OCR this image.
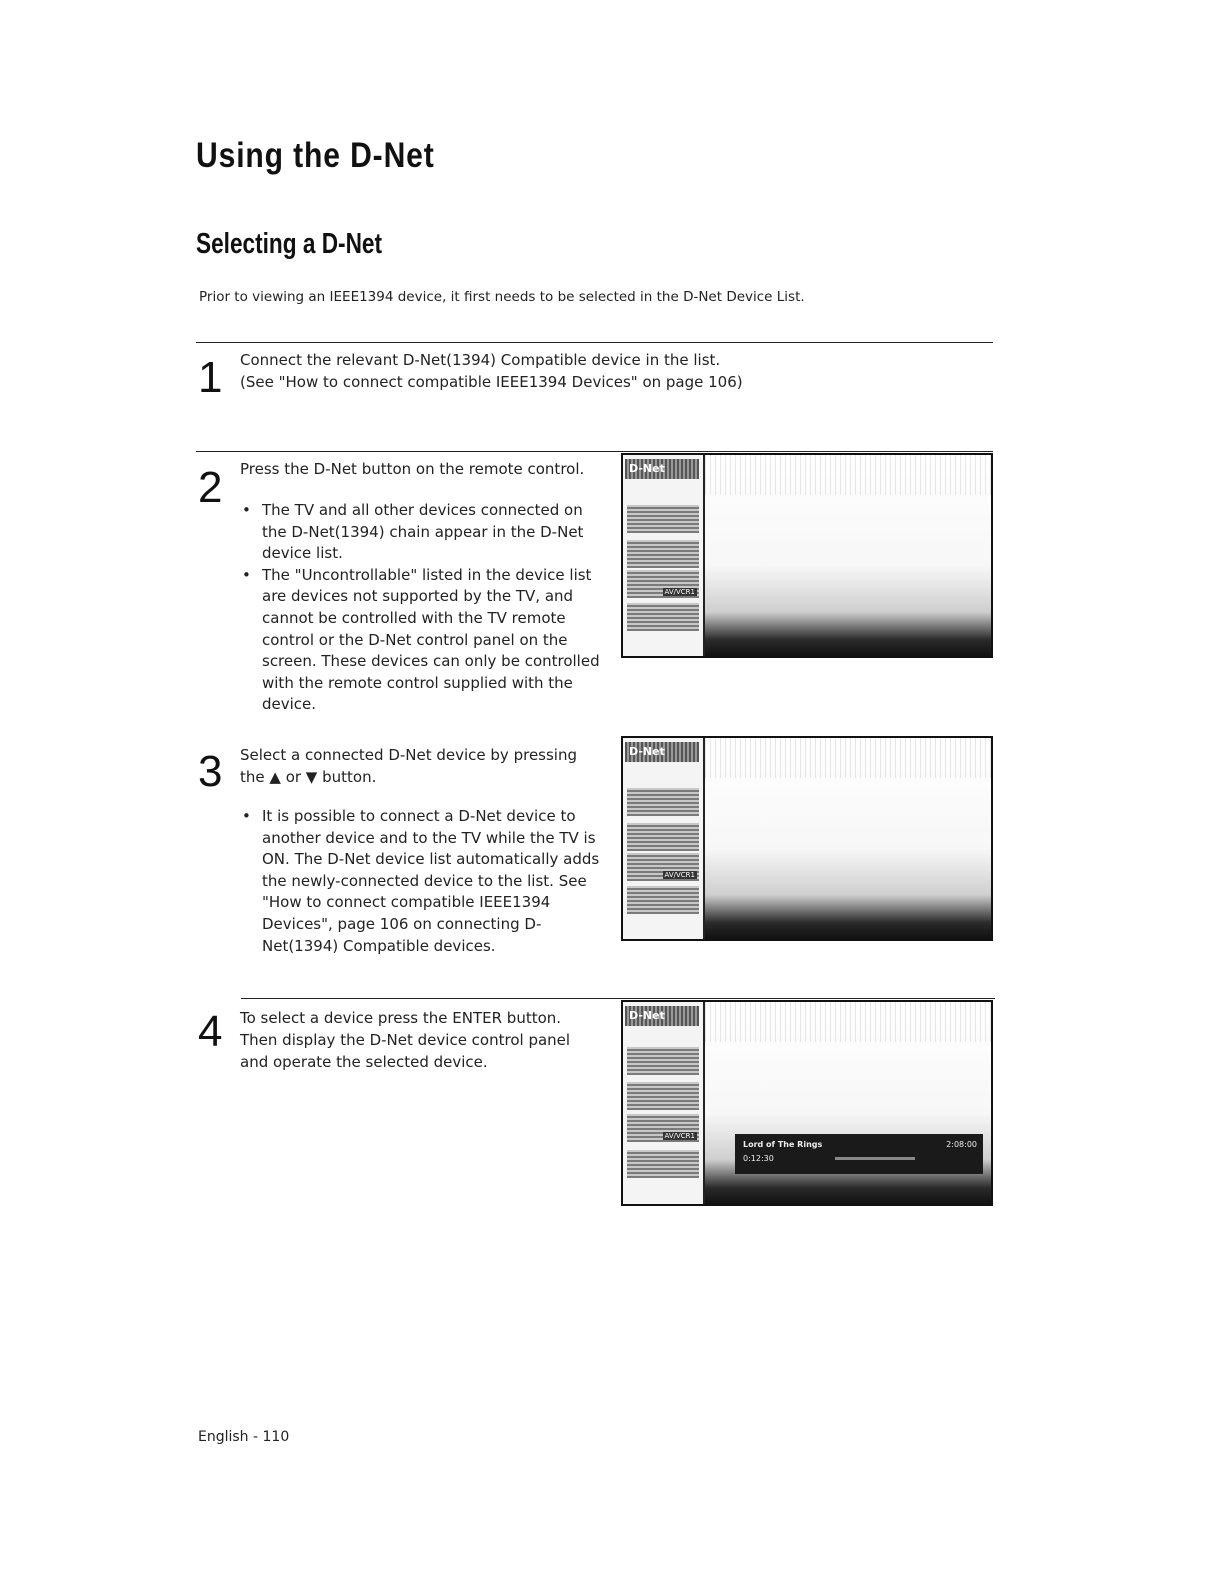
Using the D-Net
Selecting a D-Net

Prior to viewing an IEEE1394 device, it first needs to be selected in the D-Net Device List.

1 Connect the relevant D-Net(1394) Compatible device in the list.

(See "How to connect compatible IEEE1394 Devices" on page 106)

2 Press the D-Net button on the remote control.

• The TV and all other devices connected on the D-Net(1394) chain appear in the D-Net device list.
• The "Uncontrollable" listed in the device list are devices not supported by the TV, and cannot be controlled with the TV remote control or the D-Net control panel on the screen. These devices can only be controlled with the remote control supplied with the device.
D-Net
AV/VCR1
3 Select a connected D-Net device by pressing

the ▲ or ▼ button.

• It is possible to connect a D-Net device to another device and to the TV while the TV is ON. The D-Net device list automatically adds the newly-connected device to the list. See "How to connect compatible IEEE1394 Devices", page 106 on connecting D-Net(1394) Compatible devices.
D-Net
AV/VCR1
4 To select a device press the ENTER button.

Then display the D-Net device control panel

and operate the selected device.

Lord of The Rings
0:12:30
2:08:00
D-Net
AV/VCR1

English - 110
